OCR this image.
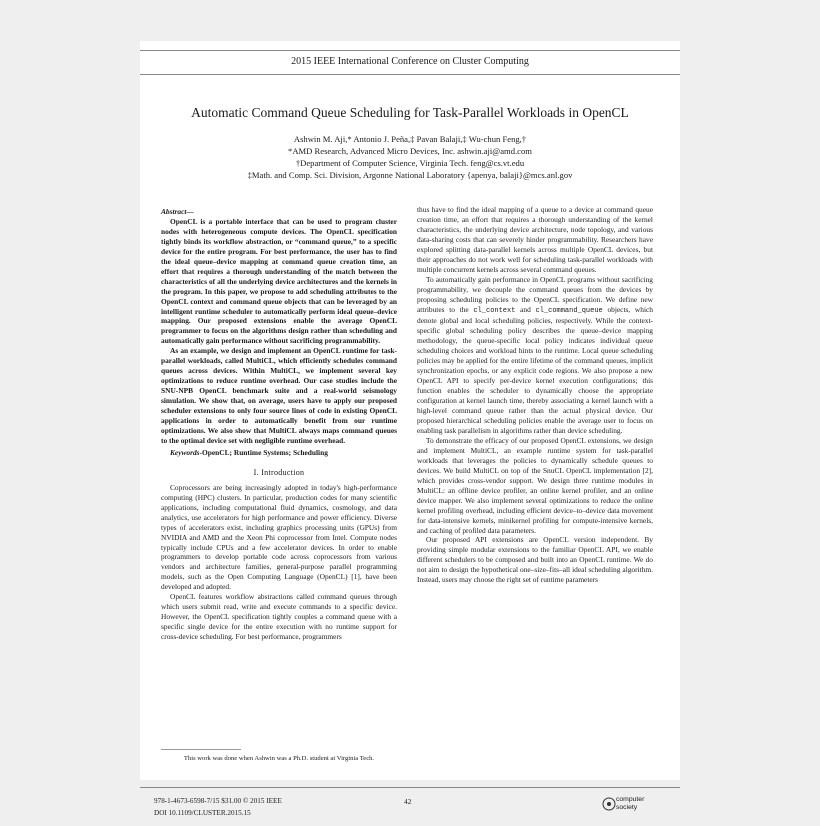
2015 IEEE International Conference on Cluster Computing
Automatic Command Queue Scheduling for Task-Parallel Workloads in OpenCL
Ashwin M. Aji,* Antonio J. Peña,‡ Pavan Balaji,‡ Wu-chun Feng,†
*AMD Research, Advanced Micro Devices, Inc. ashwin.aji@amd.com
†Department of Computer Science, Virginia Tech. feng@cs.vt.edu
‡Math. and Comp. Sci. Division, Argonne National Laboratory {apenya, balaji}@mcs.anl.gov
Abstract—

OpenCL is a portable interface that can be used to program cluster nodes with heterogeneous compute devices. The OpenCL specification tightly binds its workflow abstraction, or “command queue,” to a specific device for the entire program. For best performance, the user has to find the ideal queue–device mapping at command queue creation time, an effort that requires a thorough understanding of the match between the characteristics of all the underlying device architectures and the kernels in the program. In this paper, we propose to add scheduling attributes to the OpenCL context and command queue objects that can be leveraged by an intelligent runtime scheduler to automatically perform ideal queue–device mapping. Our proposed extensions enable the average OpenCL programmer to focus on the algorithms design rather than scheduling and automatically gain performance without sacrificing programmability.

As an example, we design and implement an OpenCL runtime for task-parallel workloads, called MultiCL, which efficiently schedules command queues across devices. Within MultiCL, we implement several key optimizations to reduce runtime overhead. Our case studies include the SNU-NPB OpenCL benchmark suite and a real-world seismology simulation. We show that, on average, users have to apply our proposed scheduler extensions to only four source lines of code in existing OpenCL applications in order to automatically benefit from our runtime optimizations. We also show that MultiCL always maps command queues to the optimal device set with negligible runtime overhead.

Keywords-OpenCL; Runtime Systems; Scheduling

I. Introduction

Coprocessors are being increasingly adopted in today's high-performance computing (HPC) clusters. In particular, production codes for many scientific applications, including computational fluid dynamics, cosmology, and data analytics, use accelerators for high performance and power efficiency. Diverse types of accelerators exist, including graphics processing units (GPUs) from NVIDIA and AMD and the Xeon Phi coprocessor from Intel. Compute nodes typically include CPUs and a few accelerator devices. In order to enable programmers to develop portable code across coprocessors from various vendors and architecture families, general-purpose parallel programming models, such as the Open Computing Language (OpenCL) [1], have been developed and adopted.

OpenCL features workflow abstractions called command queues through which users submit read, write and execute commands to a specific device. However, the OpenCL specification tightly couples a command queue with a specific single device for the entire execution with no runtime support for cross-device scheduling. For best performance, programmers

This work was done when Ashwin was a Ph.D. student at Virginia Tech.

thus have to find the ideal mapping of a queue to a device at command queue creation time, an effort that requires a thorough understanding of the kernel characteristics, the underlying device architecture, node topology, and various data-sharing costs that can severely hinder programmability. Researchers have explored splitting data-parallel kernels across multiple OpenCL devices, but their approaches do not work well for scheduling task-parallel workloads with multiple concurrent kernels across several command queues.

To automatically gain performance in OpenCL programs without sacrificing programmability, we decouple the command queues from the devices by proposing scheduling policies to the OpenCL specification. We define new attributes to the cl_context and cl_command_queue objects, which denote global and local scheduling policies, respectively. While the context-specific global scheduling policy describes the queue–device mapping methodology, the queue-specific local policy indicates individual queue scheduling choices and workload hints to the runtime. Local queue scheduling policies may be applied for the entire lifetime of the command queues, implicit synchronization epochs, or any explicit code regions. We also propose a new OpenCL API to specify per-device kernel execution configurations; this function enables the scheduler to dynamically choose the appropriate configuration at kernel launch time, thereby associating a kernel launch with a high-level command queue rather than the actual physical device. Our proposed hierarchical scheduling policies enable the average user to focus on enabling task parallelism in algorithms rather than device scheduling.

To demonstrate the efficacy of our proposed OpenCL extensions, we design and implement MultiCL, an example runtime system for task-parallel workloads that leverages the policies to dynamically schedule queues to devices. We build MultiCL on top of the SnuCL OpenCL implementation [2], which provides cross-vendor support. We design three runtime modules in MultiCL: an offline device profiler, an online kernel profiler, and an online device mapper. We also implement several optimizations to reduce the online kernel profiling overhead, including efficient device–to–device data movement for data-intensive kernels, minikernel profiling for compute-intensive kernels, and caching of profiled data parameters.

Our proposed API extensions are OpenCL version independent. By providing simple modular extensions to the familiar OpenCL API, we enable different schedulers to be composed and built into an OpenCL runtime. We do not aim to design the hypothetical one–size–fits–all ideal scheduling algorithm. Instead, users may choose the right set of runtime parameters

978-1-4673-6598-7/15 $31.00 © 2015 IEEE
DOI 10.1109/CLUSTER.2015.15
42	computer
society
